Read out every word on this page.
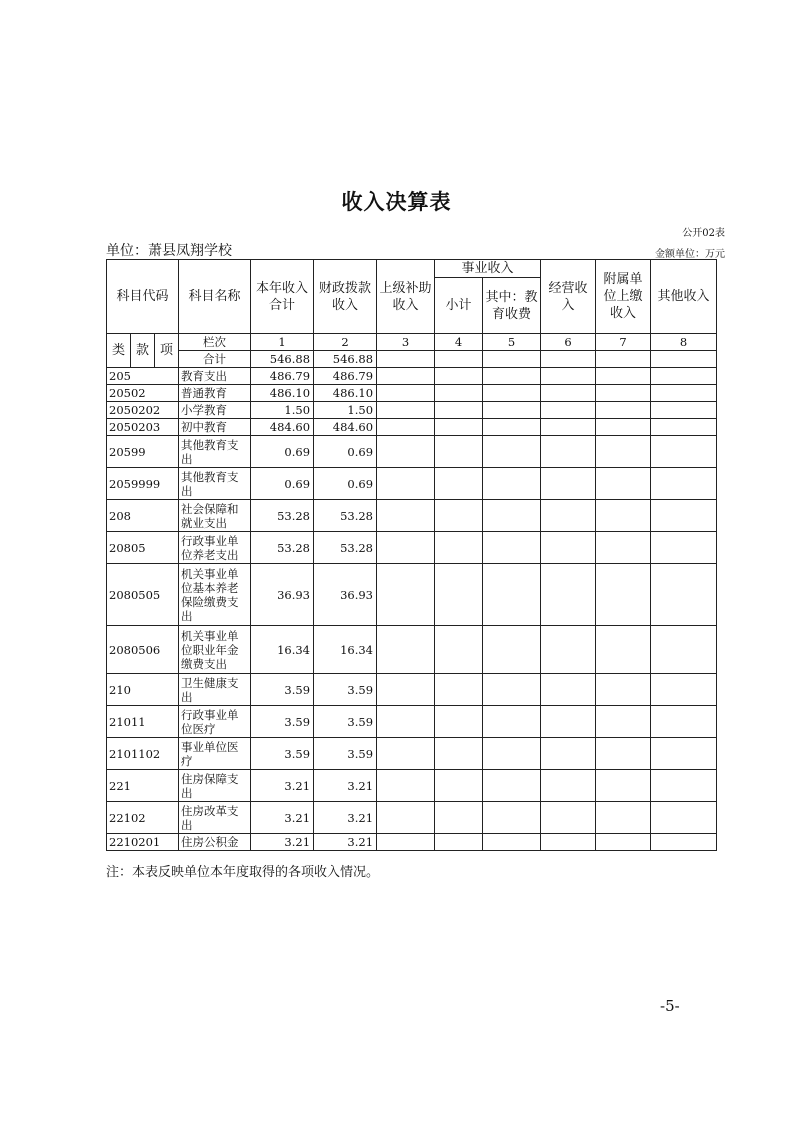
收入决算表
公开02表
单位：萧县凤翔学校	金额单位：万元
科目代码			科目名称	本年收入合计	财政拨款收入	上级补助收入	事业收入		经营收入	附属单位上缴收入	其他收入
							小计	其中：教育收费			

类	款	项	栏次	1	2	3	4	5	6	7	8
			合计	546.88	546.88						
205			教育支出	486.79	486.79						
20502			普通教育	486.10	486.10						
2050202			小学教育	1.50	1.50						
2050203			初中教育	484.60	484.60						
20599			其他教育支出	0.69	0.69						
2059999			其他教育支出	0.69	0.69						
208			社会保障和就业支出	53.28	53.28						
20805			行政事业单位养老支出	53.28	53.28						
2080505			机关事业单位基本养老保险缴费支出	36.93	36.93						
2080506			机关事业单位职业年金缴费支出	16.34	16.34						
210			卫生健康支出	3.59	3.59						
21011			行政事业单位医疗	3.59	3.59						
2101102			事业单位医疗	3.59	3.59						
221			住房保障支出	3.21	3.21						
22102			住房改革支出	3.21	3.21						
2210201			住房公积金	3.21	3.21						
注：本表反映单位本年度取得的各项收入情况。
-5-
